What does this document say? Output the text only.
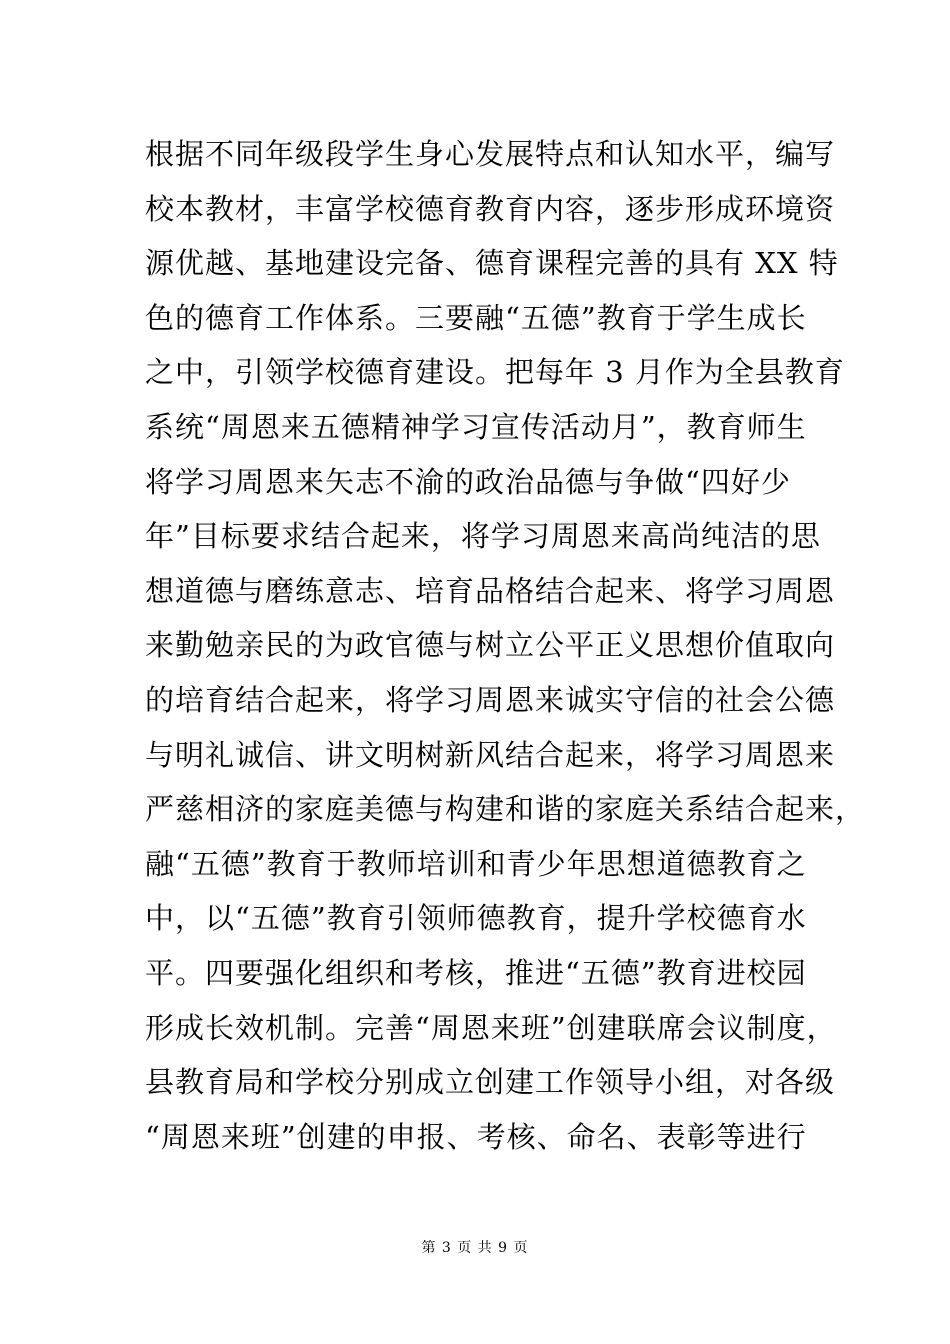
根据不同年级段学生身心发展特点和认知水平，编写
校本教材，丰富学校德育教育内容，逐步形成环境资
源优越、基地建设完备、德育课程完善的具有 XX 特
色的德育工作体系。三要融“五德”教育于学生成长
之中，引领学校德育建设。把每年 3 月作为全县教育
系统“周恩来五德精神学习宣传活动月”，教育师生
将学习周恩来矢志不渝的政治品德与争做“四好少
年”目标要求结合起来，将学习周恩来高尚纯洁的思
想道德与磨练意志、培育品格结合起来、将学习周恩
来勤勉亲民的为政官德与树立公平正义思想价值取向
的培育结合起来，将学习周恩来诚实守信的社会公德
与明礼诚信、讲文明树新风结合起来，将学习周恩来
严慈相济的家庭美德与构建和谐的家庭关系结合起来，
融“五德”教育于教师培训和青少年思想道德教育之
中，以“五德”教育引领师德教育，提升学校德育水
平。四要强化组织和考核，推进“五德”教育进校园
形成长效机制。完善“周恩来班”创建联席会议制度，
县教育局和学校分别成立创建工作领导小组，对各级
“周恩来班”创建的申报、考核、命名、表彰等进行
第 3 页 共 9 页
